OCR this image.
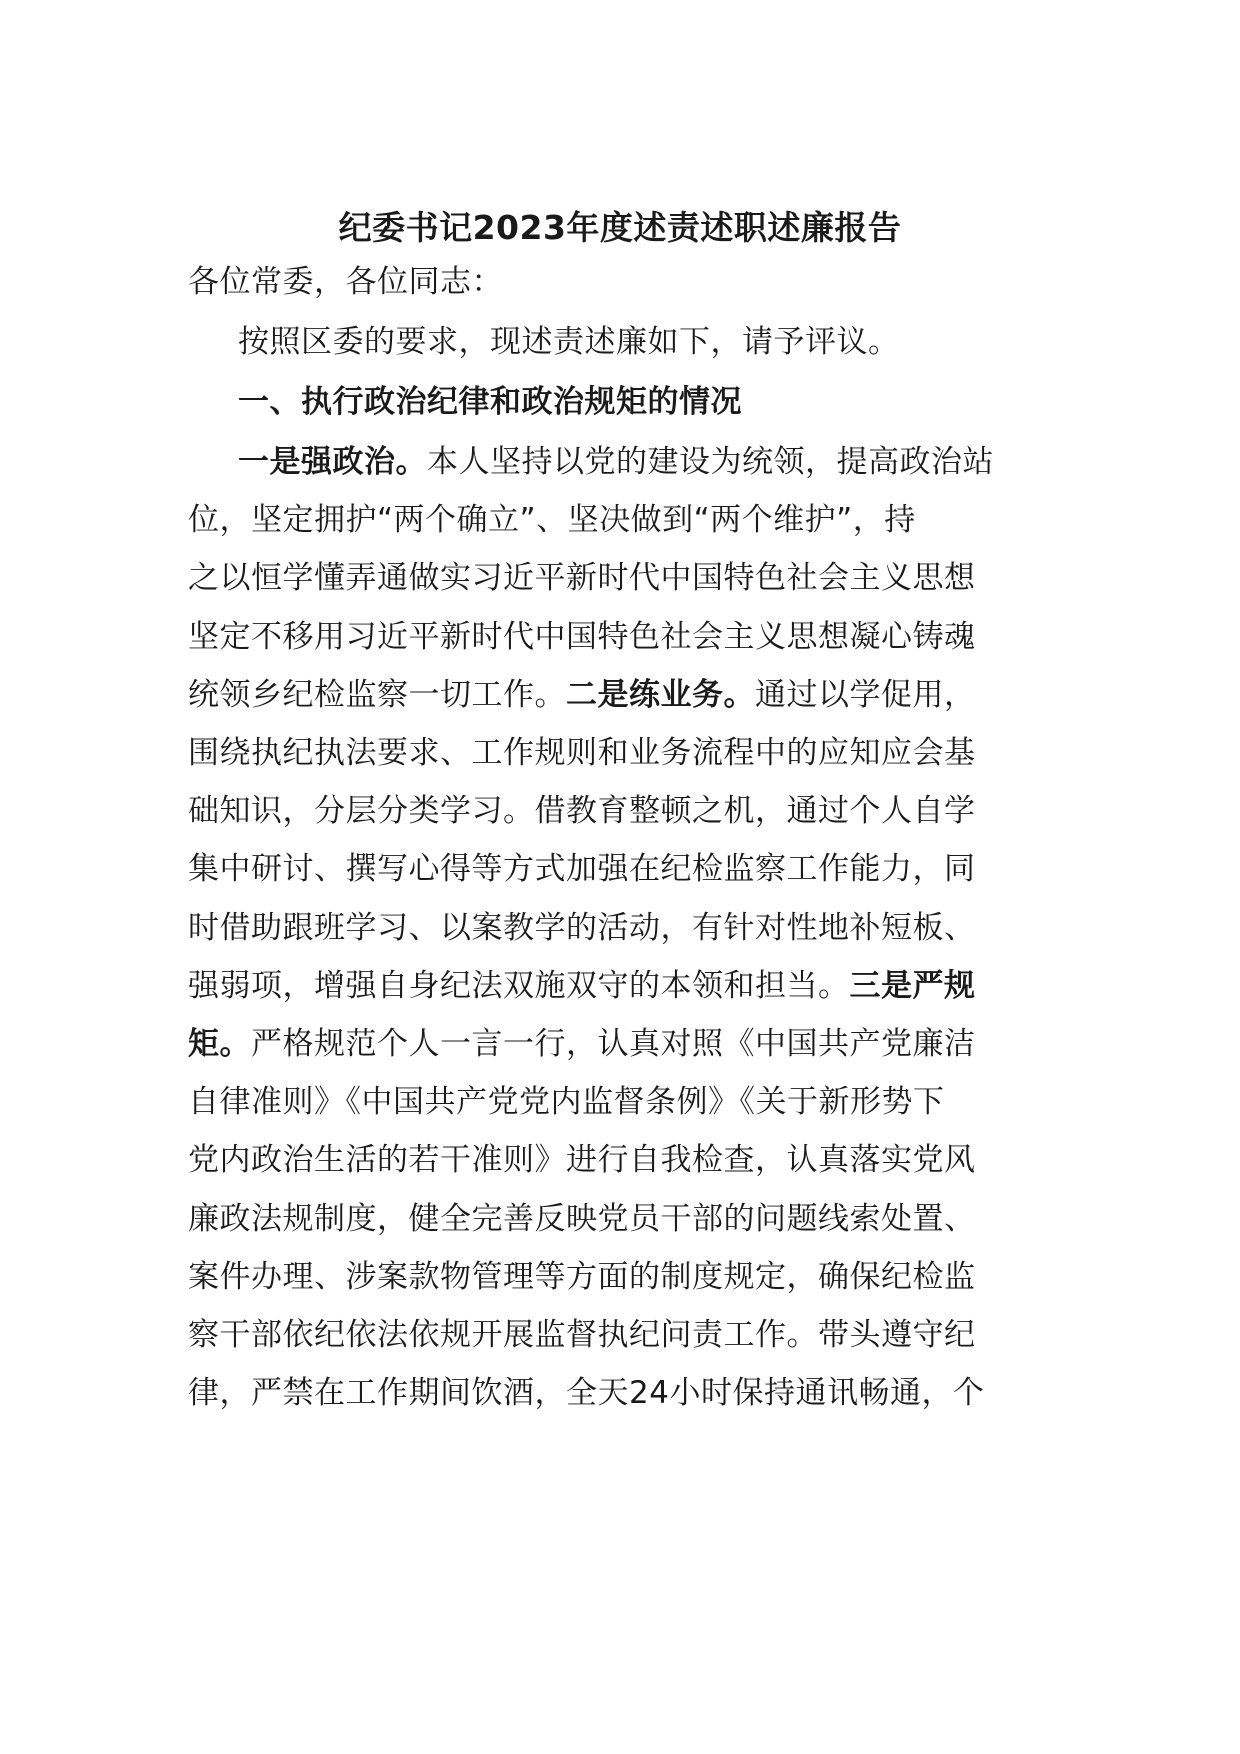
纪委书记2023年度述责述职述廉报告
各位常委，各位同志：
按照区委的要求，现述责述廉如下，请予评议。
一、执行政治纪律和政治规矩的情况
一是强政治。本人坚持以党的建设为统领，提高政治站
位，坚定拥护“两个确立”、坚决做到“两个维护”，持
之以恒学懂弄通做实习近平新时代中国特色社会主义思想
坚定不移用习近平新时代中国特色社会主义思想凝心铸魂
统领乡纪检监察一切工作。二是练业务。通过以学促用，
围绕执纪执法要求、工作规则和业务流程中的应知应会基
础知识，分层分类学习。借教育整顿之机，通过个人自学
集中研讨、撰写心得等方式加强在纪检监察工作能力，同
时借助跟班学习、以案教学的活动，有针对性地补短板、
强弱项，增强自身纪法双施双守的本领和担当。三是严规
矩。严格规范个人一言一行，认真对照《中国共产党廉洁
自律准则》《中国共产党党内监督条例》《关于新形势下
党内政治生活的若干准则》进行自我检查，认真落实党风
廉政法规制度，健全完善反映党员干部的问题线索处置、
案件办理、涉案款物管理等方面的制度规定，确保纪检监
察干部依纪依法依规开展监督执纪问责工作。带头遵守纪
律，严禁在工作期间饮酒，全天24小时保持通讯畅通，个
